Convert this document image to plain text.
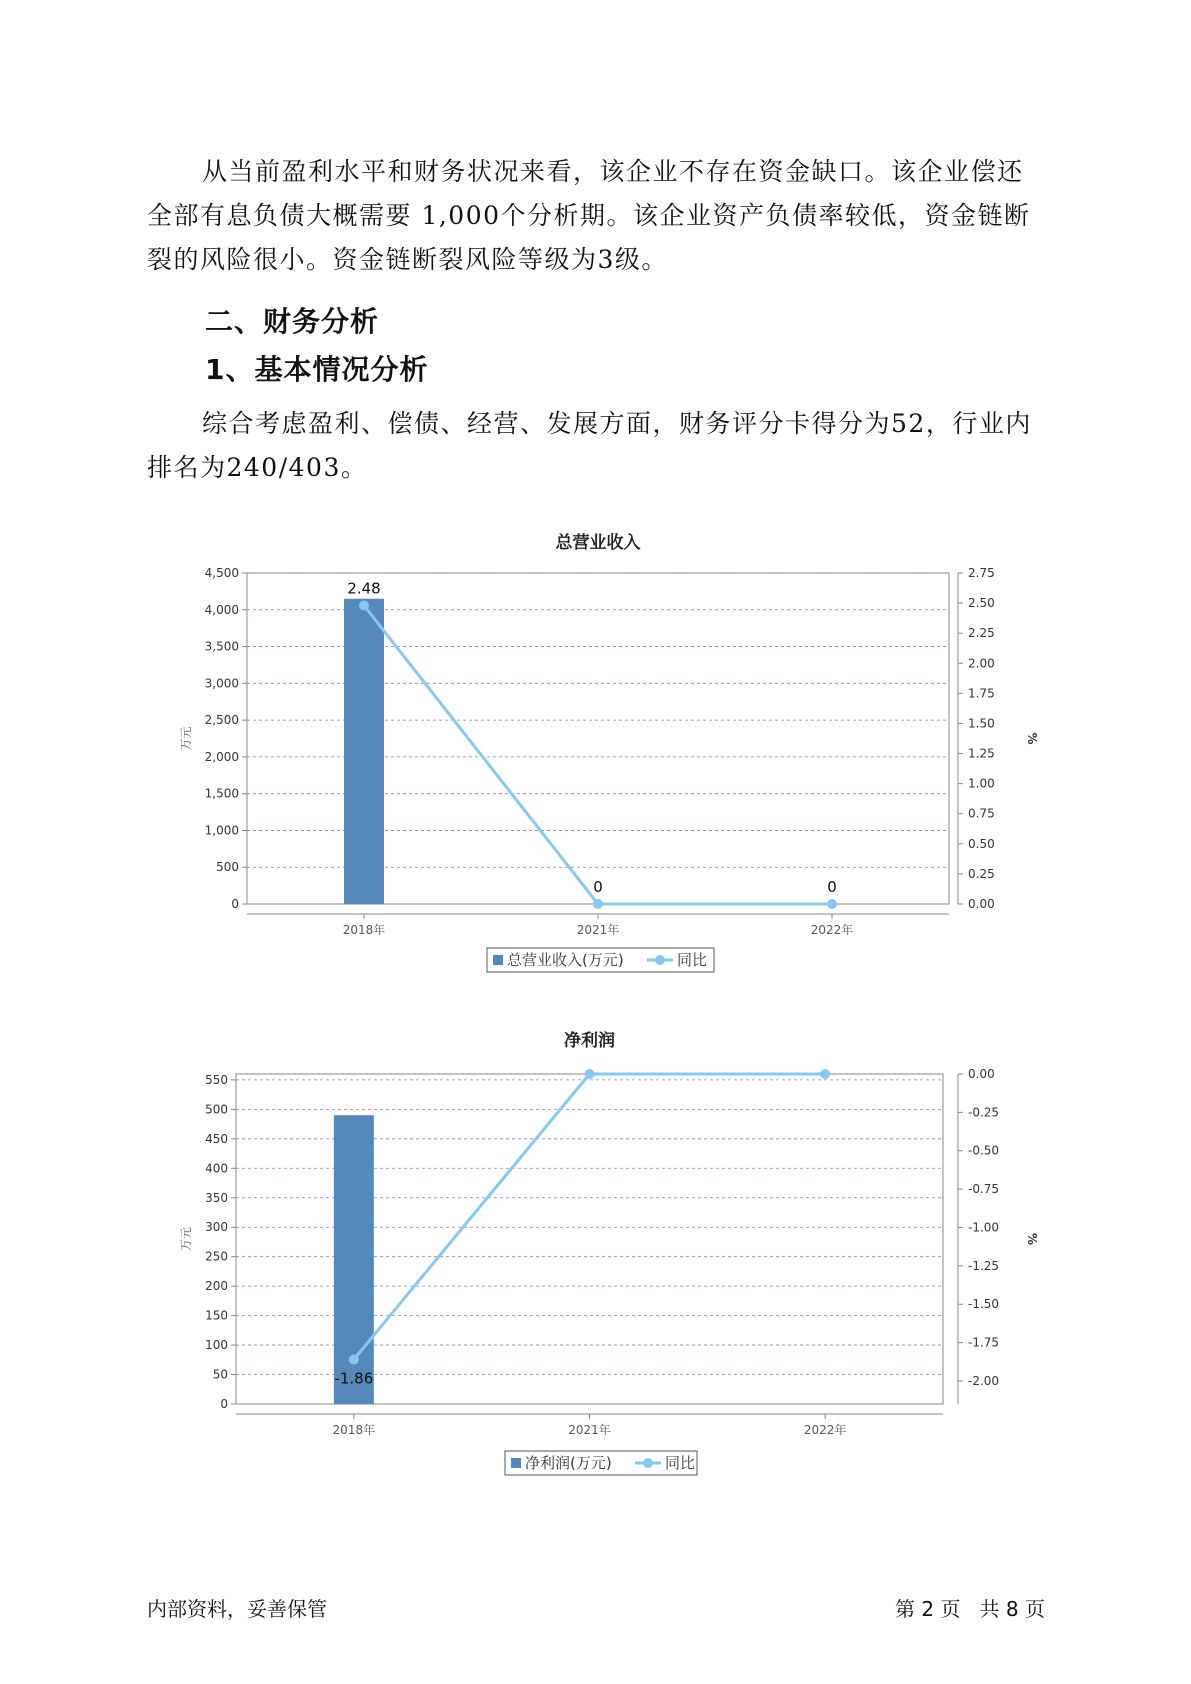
从当前盈利水平和财务状况来看，该企业不存在资金缺口。该企业偿还全部有息负债大概需要 1,000个分析期。该企业资产负债率较低，资金链断裂的风险很小。资金链断裂风险等级为3级。

二、财务分析
1、基本情况分析

综合考虑盈利、偿债、经营、发展方面，财务评分卡得分为52，行业内排名为240/403。

总营业收入
0
500
1,000
1,500
2,000
2,500
3,000
3,500
4,000
4,500
万元
0.00
0.25
0.50
0.75
1.00
1.25
1.50
1.75
2.00
2.25
2.50
2.75
%
2018年	2021年	2022年
2.48
0	0
总营业收入(万元)	同比
净利润
0
50
100
150
200
250
300
350
400
450
500
550
万元
-2.00
-1.75
-1.50
-1.25
-1.00
-0.75
-0.50
-0.25
0.00
%
2018年	2021年	2022年
-1.86
净利润(万元)	同比
内部资料，妥善保管	第 2 页   共 8 页
